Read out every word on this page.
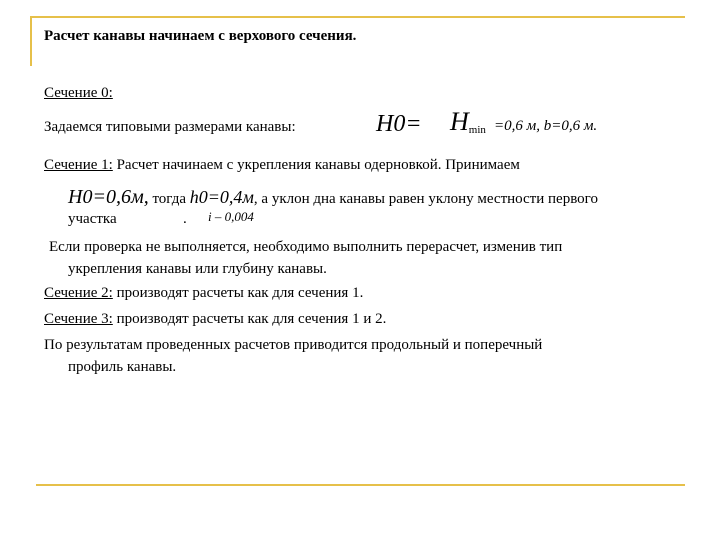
Расчет канавы начинаем с верхового сечения.
Сечение 0:
Задаемся типовыми размерами канавы:	$H0= H_{min} =0,6$ м, b=0,6 м.
Сечение 1: Расчет начинаем с укрепления канавы одерновкой. Принимаем
H0=0,6м, тогда h0=0,4м, а уклон дна канавы равен уклону местности первого
участка	. i – 0,004
Если проверка не выполняется, необходимо выполнить перерасчет, изменив тип
укрепления канавы или глубину канавы.
Сечение 2: производят расчеты как для сечения 1.
Сечение 3: производят расчеты как для сечения 1 и 2.
По результатам проведенных расчетов приводится продольный и поперечный
профиль канавы.
